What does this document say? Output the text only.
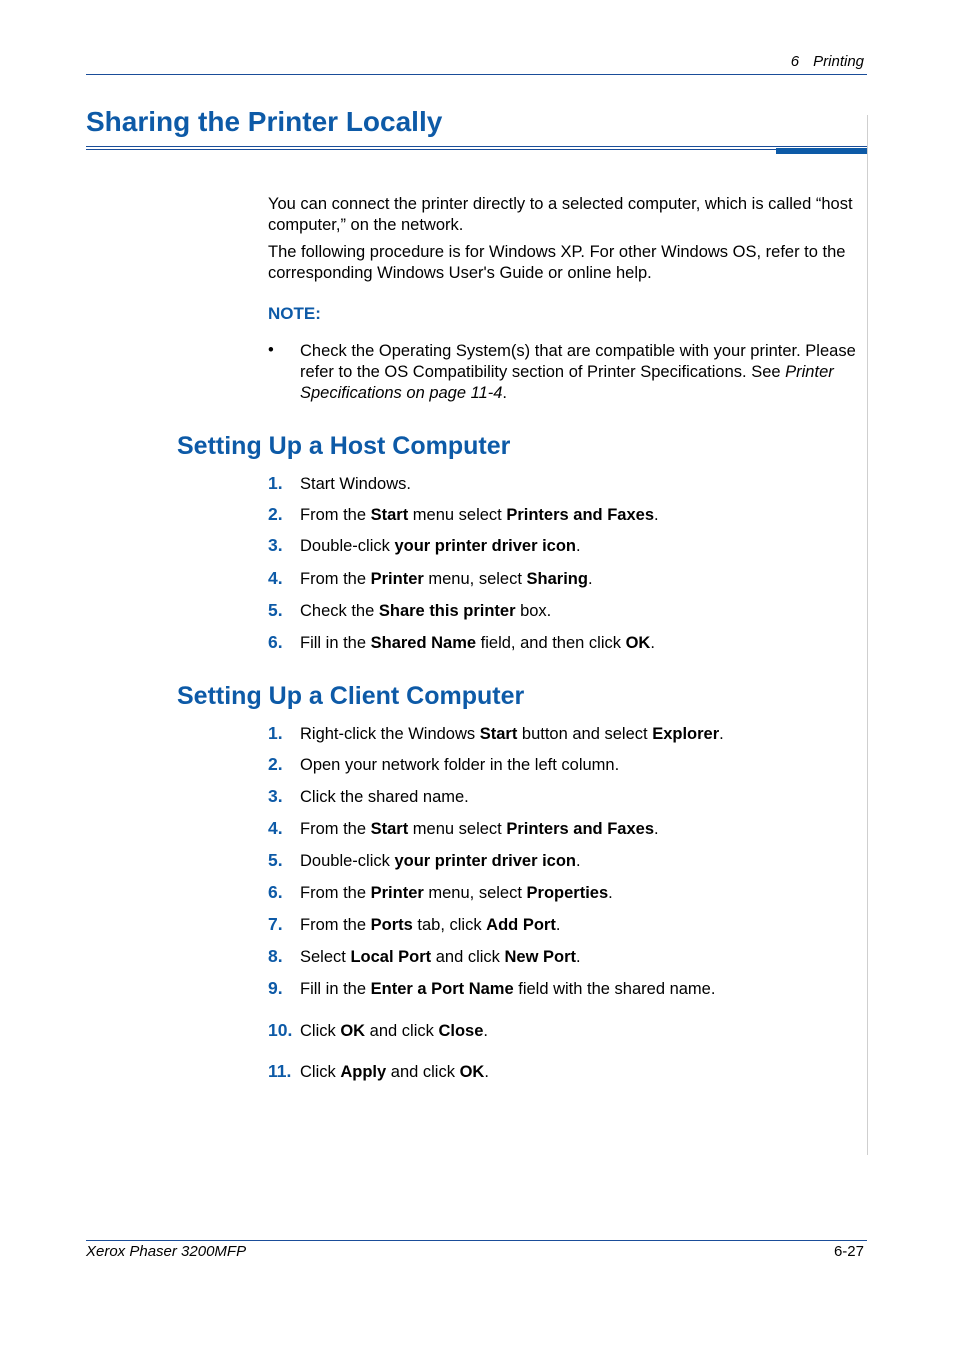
6 Printing
Sharing the Printer Locally

You can connect the printer directly to a selected computer, which is called “host computer,” on the network.

The following procedure is for Windows XP. For other Windows OS, refer to the corresponding Windows User's Guide or online help.

NOTE:
• Check the Operating System(s) that are compatible with your printer. Please refer to the OS Compatibility section of Printer Specifications. See Printer Specifications on page 11-4.

Setting Up a Host Computer
1. Start Windows.
2. From the Start menu select Printers and Faxes.
3. Double-click your printer driver icon.
4. From the Printer menu, select Sharing.
5. Check the Share this printer box.
6. Fill in the Shared Name field, and then click OK.
Setting Up a Client Computer
1. Right-click the Windows Start button and select Explorer.
2. Open your network folder in the left column.
3. Click the shared name.
4. From the Start menu select Printers and Faxes.
5. Double-click your printer driver icon.
6. From the Printer menu, select Properties.
7. From the Ports tab, click Add Port.
8. Select Local Port and click New Port.
9. Fill in the Enter a Port Name field with the shared name.
10. Click OK and click Close.
11. Click Apply and click OK.
Xerox Phaser 3200MFP	6-27
